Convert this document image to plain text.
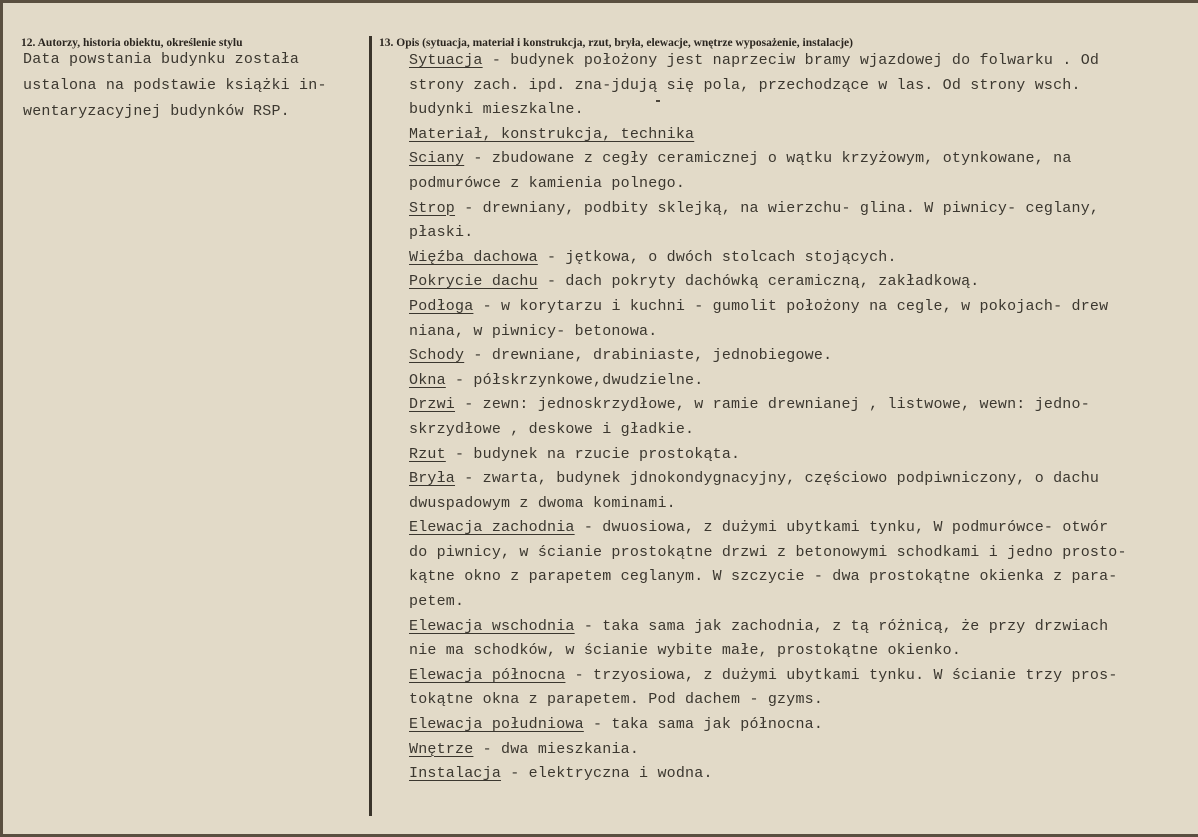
12. Autorzy, historia obiektu, określenie stylu	13. Opis (sytuacja, materiał i konstrukcja, rzut, bryła, elewacje, wnętrze wyposażenie, instalacje)
Data powstania budynku została
ustalona na podstawie książki in-
wentaryzacyjnej budynków RSP.
Sytuacja - budynek położony jest naprzeciw bramy wjazdowej do folwarku . Od
strony zach. ipd. zna-jdują się pola, przechodzące w las. Od strony wsch.
budynki mieszkalne.
Materiał, konstrukcja, technika
Sciany - zbudowane z cegły ceramicznej o wątku krzyżowym, otynkowane, na
podmurówce z kamienia polnego.
Strop - drewniany, podbity sklejką, na wierzchu- glina. W piwnicy- ceglany,
płaski.
Więźba dachowa - jętkowa, o dwóch stolcach stojących.
Pokrycie dachu - dach pokryty dachówką ceramiczną, zakładkową.
Podłoga - w korytarzu i kuchni - gumolit położony na cegle, w pokojach- drew
niana, w piwnicy- betonowa.
Schody - drewniane, drabiniaste, jednobiegowe.
Okna - półskrzynkowe,dwudzielne.
Drzwi - zewn: jednoskrzydłowe, w ramie drewnianej , listwowe, wewn: jedno-
skrzydłowe , deskowe i gładkie.
Rzut - budynek na rzucie prostokąta.
Bryła - zwarta, budynek jdnokondygnacyjny, częściowo podpiwniczony, o dachu
dwuspadowym z dwoma kominami.
Elewacja zachodnia - dwuosiowa, z dużymi ubytkami tynku, W podmurówce- otwór
do piwnicy, w ścianie prostokątne drzwi z betonowymi schodkami i jedno prosto-
kątne okno z parapetem ceglanym. W szczycie - dwa prostokątne okienka z para-
petem.
Elewacja wschodnia - taka sama jak zachodnia, z tą różnicą, że przy drzwiach
nie ma schodków, w ścianie wybite małe, prostokątne okienko.
Elewacja północna - trzyosiowa, z dużymi ubytkami tynku. W ścianie trzy pros-
tokątne okna z parapetem. Pod dachem - gzyms.
Elewacja południowa - taka sama jak północna.
Wnętrze - dwa mieszkania.
Instalacja - elektryczna i wodna.
